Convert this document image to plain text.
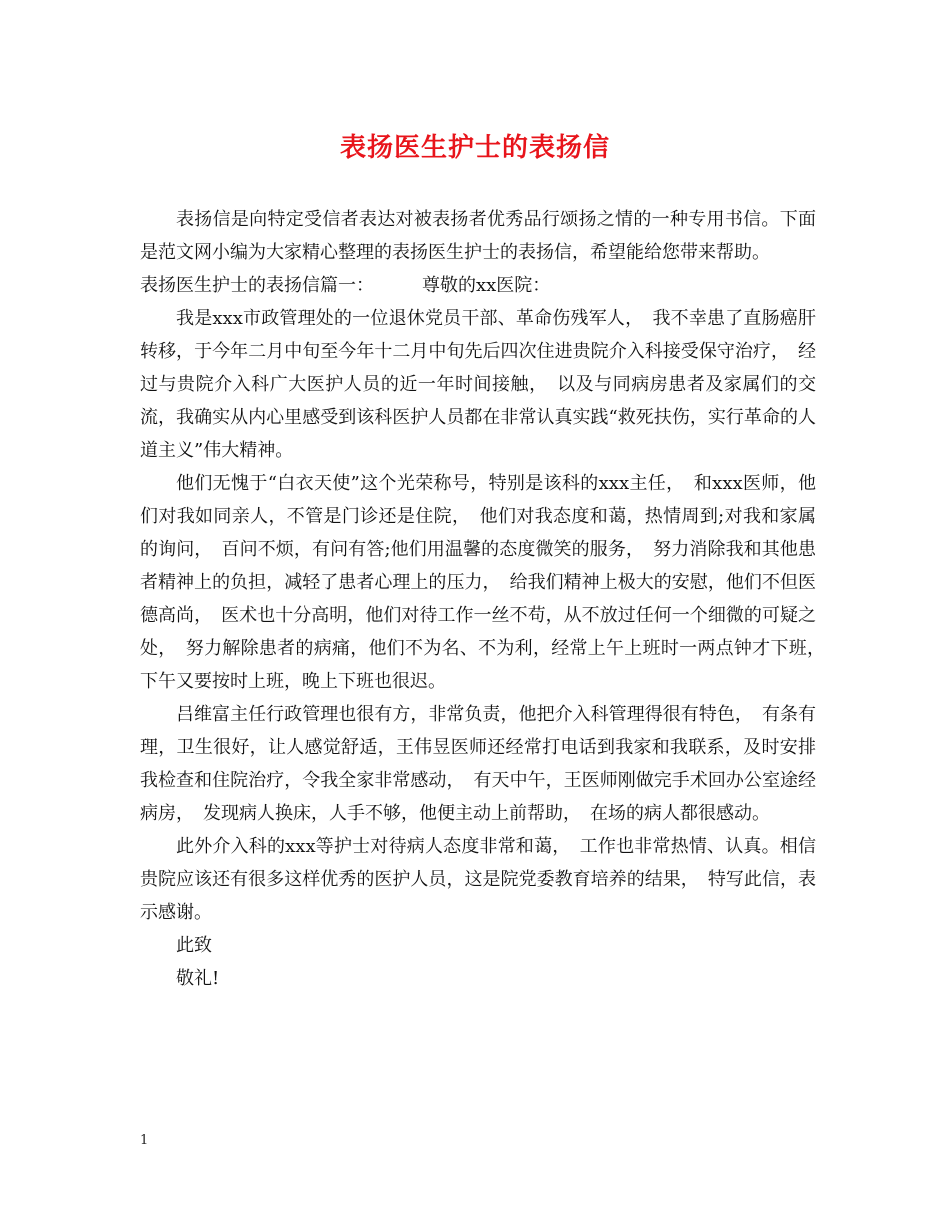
表扬医生护士的表扬信

表扬信是向特定受信者表达对被表扬者优秀品行颂扬之情的一种专用书信。下面是范文网小编为大家精心整理的表扬医生护士的表扬信，希望能给您带来帮助。

表扬医生护士的表扬信篇一：	尊敬的xx医院：

我是xxx市政管理处的一位退休党员干部、革命伤残军人，　我不幸患了直肠癌肝转移，于今年二月中旬至今年十二月中旬先后四次住进贵院介入科接受保守治疗，　经过与贵院介入科广大医护人员的近一年时间接触，　以及与同病房患者及家属们的交流，我确实从内心里感受到该科医护人员都在非常认真实践“救死扶伤，实行革命的人道主义”伟大精神。

他们无愧于“白衣天使”这个光荣称号，特别是该科的xxx主任，　和xxx医师，他们对我如同亲人，不管是门诊还是住院，　他们对我态度和蔼，热情周到;对我和家属的询问，　百问不烦，有问有答;他们用温馨的态度微笑的服务，　努力消除我和其他患者精神上的负担，减轻了患者心理上的压力，　给我们精神上极大的安慰，他们不但医德高尚，　医术也十分高明，他们对待工作一丝不苟，从不放过任何一个细微的可疑之处，　努力解除患者的病痛，他们不为名、不为利，经常上午上班时一两点钟才下班，　下午又要按时上班，晚上下班也很迟。

吕维富主任行政管理也很有方，非常负责，他把介入科管理得很有特色，　有条有理，卫生很好，让人感觉舒适，王伟昱医师还经常打电话到我家和我联系，及时安排我检查和住院治疗，令我全家非常感动，　有天中午，王医师刚做完手术回办公室途经病房，　发现病人换床，人手不够，他便主动上前帮助，　在场的病人都很感动。

此外介入科的xxx等护士对待病人态度非常和蔼，　工作也非常热情、认真。相信贵院应该还有很多这样优秀的医护人员，这是院党委教育培养的结果，　特写此信，表示感谢。

此致

敬礼!

1
